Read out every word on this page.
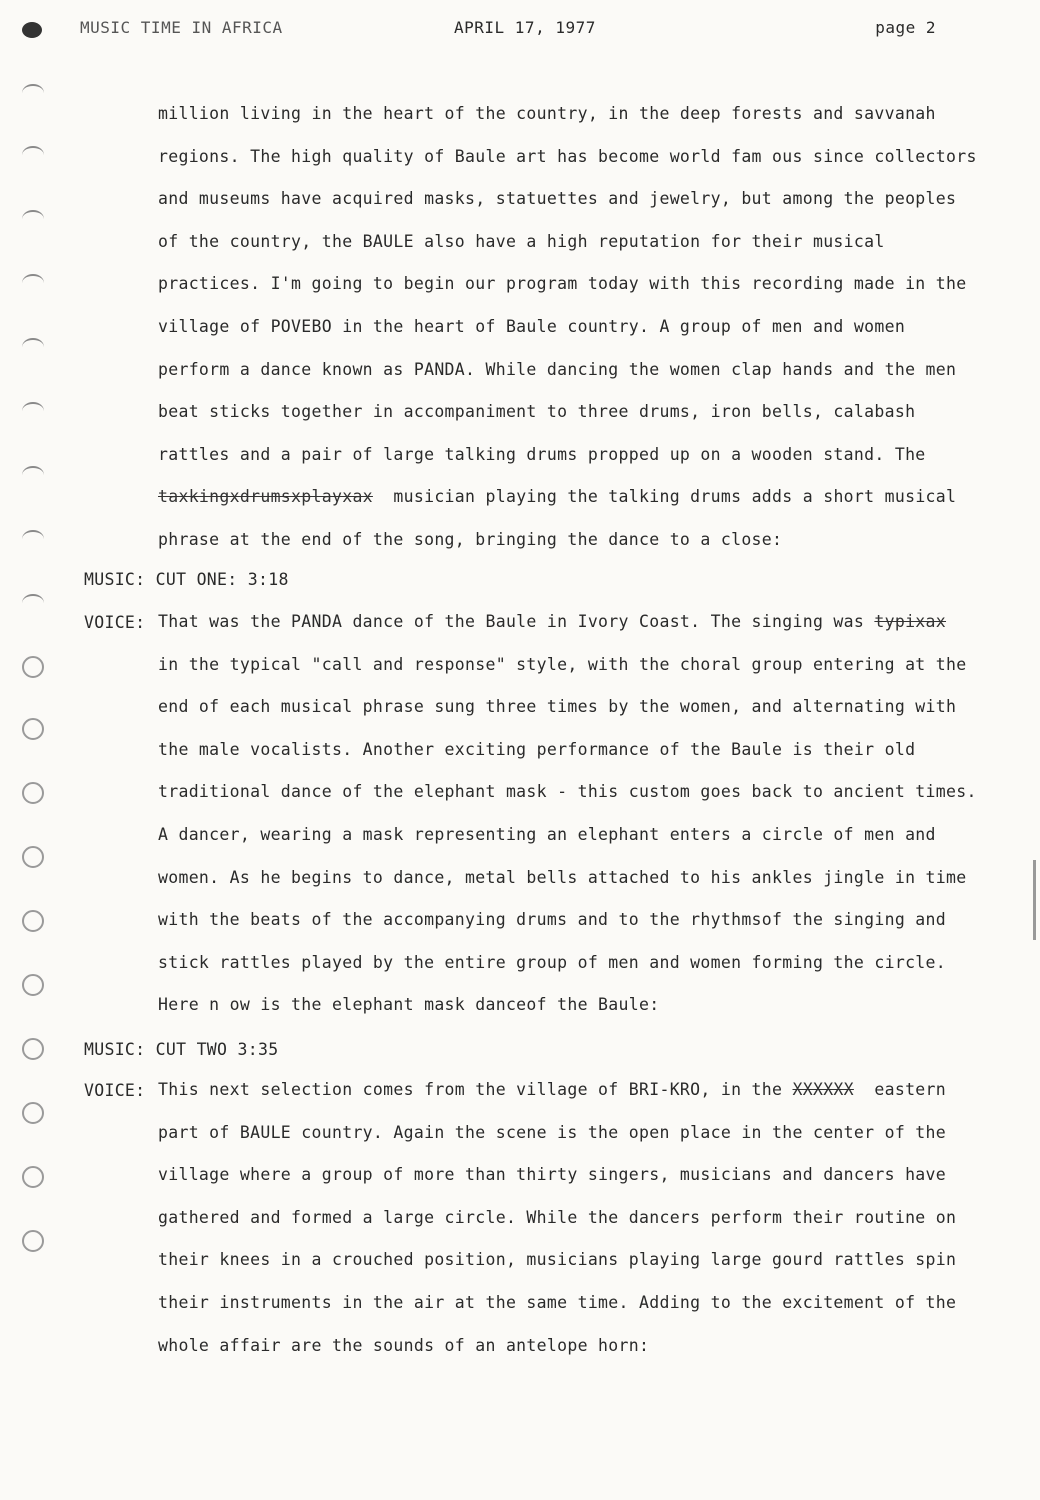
MUSIC TIME IN AFRICA	APRIL 17, 1977	page 2
million living in the heart of the country, in the deep forests and savvanah
regions. The high quality of Baule art has become world fam ous since collectors
and museums have acquired masks, statuettes and jewelry, but among the peoples
of the country, the BAULE also have a high reputation for their musical
practices. I'm going to begin our program today with this recording made in the
village of POVEBO in the heart of Baule country. A group of men and women
perform a dance known as PANDA. While dancing the women clap hands and the men
beat sticks together in accompaniment to three drums, iron bells, calabash
rattles and a pair of large talking drums propped up on a wooden stand. The
taxkingxdrumsxplayxax musician playing the talking drums adds a short musical
phrase at the end of the song, bringing the dance to a close:
MUSIC: CUT ONE: 3:18
VOICE: That was the PANDA dance of the Baule in Ivory Coast. The singing was typixax
in the typical "call and response" style, with the choral group entering at the
end of each musical phrase sung three times by the women, and alternating with
the male vocalists. Another exciting performance of the Baule is their old
traditional dance of the elephant mask - this custom goes back to ancient times.
A dancer, wearing a mask representing an elephant enters a circle of men and
women. As he begins to dance, metal bells attached to his ankles jingle in time
with the beats of the accompanying drums and to the rhythmsof the singing and
stick rattles played by the entire group of men and women forming the circle.
Here n ow is the elephant mask danceof the Baule:
MUSIC: CUT TWO 3:35
VOICE: This next selection comes from the village of BRI-KRO, in the XXXXXX eastern
part of BAULE country. Again the scene is the open place in the center of the
village where a group of more than thirty singers, musicians and dancers have
gathered and formed a large circle. While the dancers perform their routine on
their knees in a crouched position, musicians playing large gourd rattles spin
their instruments in the air at the same time. Adding to the excitement of the
whole affair are the sounds of an antelope horn:
